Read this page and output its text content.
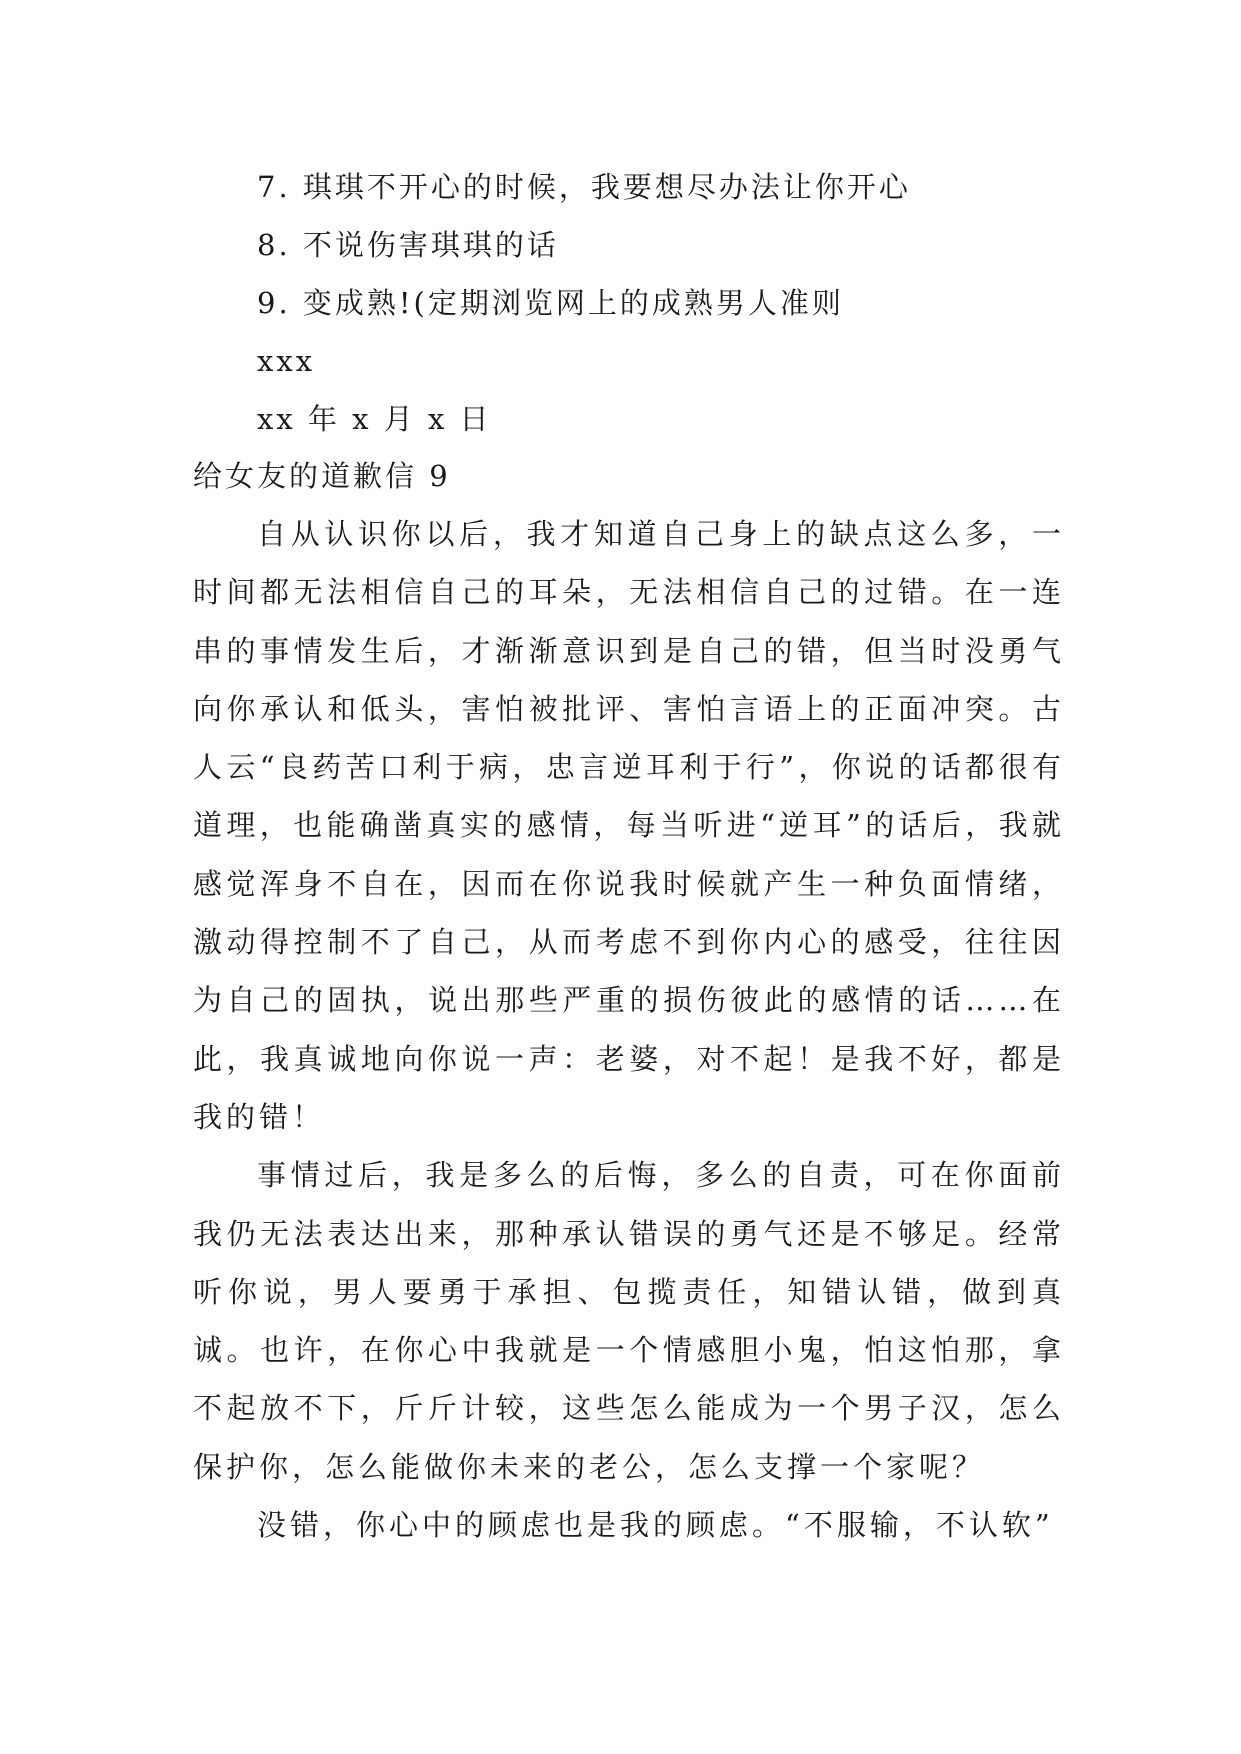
7. 琪琪不开心的时候，我要想尽办法让你开心
8. 不说伤害琪琪的话
9. 变成熟!(定期浏览网上的成熟男人准则
xxx
xx 年 x 月 x 日
给女友的道歉信 9

自从认识你以后，我才知道自己身上的缺点这么多，一时间都无法相信自己的耳朵，无法相信自己的过错。在一连串的事情发生后，才渐渐意识到是自己的错，但当时没勇气向你承认和低头，害怕被批评、害怕言语上的正面冲突。古人云“良药苦口利于病，忠言逆耳利于行”，你说的话都很有道理，也能确凿真实的感情，每当听进“逆耳”的话后，我就感觉浑身不自在，因而在你说我时候就产生一种负面情绪，激动得控制不了自己，从而考虑不到你内心的感受，往往因为自己的固执，说出那些严重的损伤彼此的感情的话……在此，我真诚地向你说一声：老婆，对不起！是我不好，都是我的错！

事情过后，我是多么的后悔，多么的自责，可在你面前我仍无法表达出来，那种承认错误的勇气还是不够足。经常听你说，男人要勇于承担、包揽责任，知错认错，做到真诚。也许，在你心中我就是一个情感胆小鬼，怕这怕那，拿不起放不下，斤斤计较，这些怎么能成为一个男子汉，怎么保护你，怎么能做你未来的老公，怎么支撑一个家呢？

没错，你心中的顾虑也是我的顾虑。“不服输，不认软”
